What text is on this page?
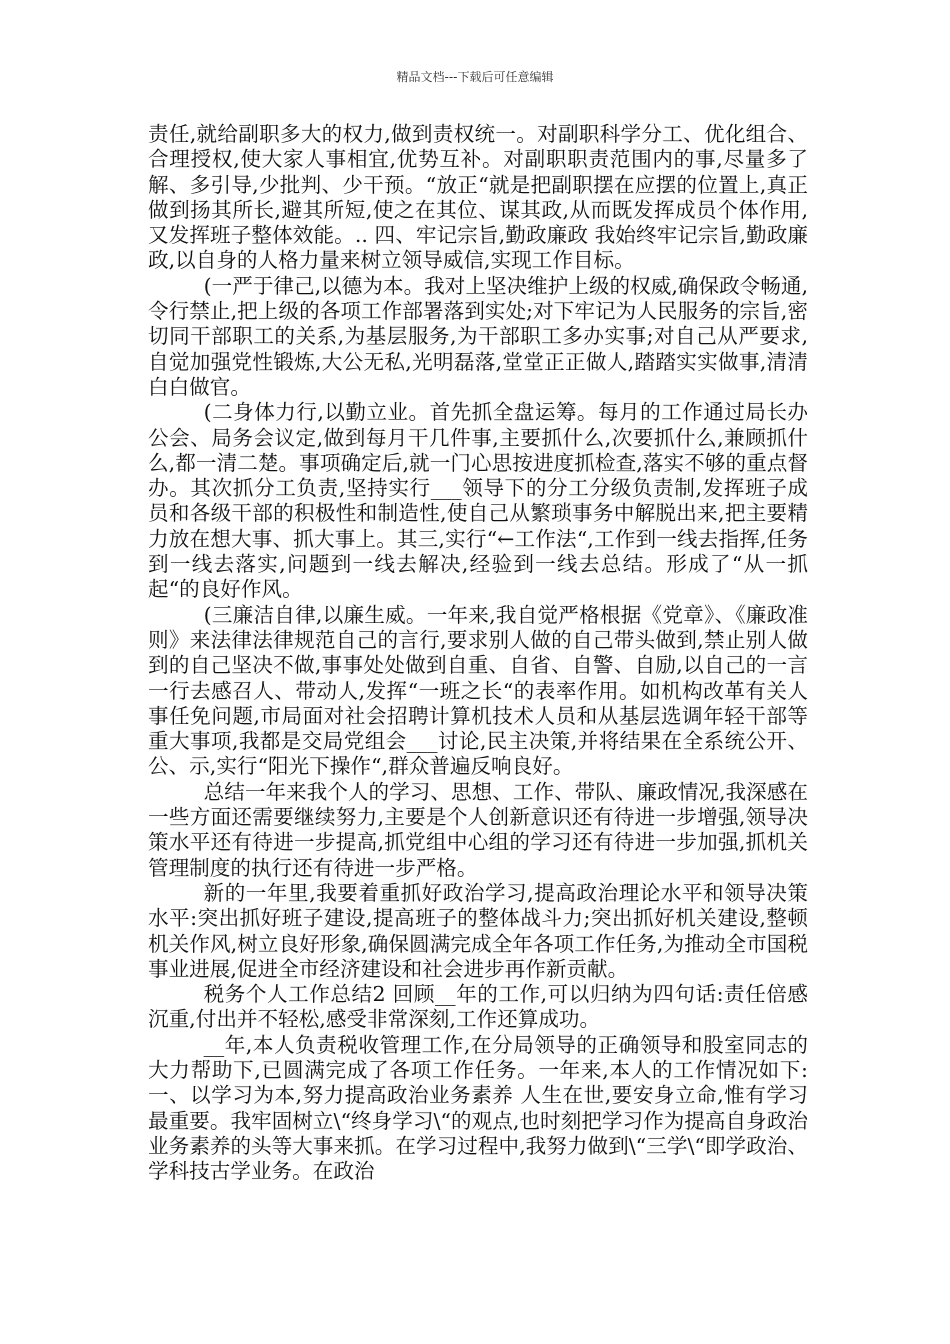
精品文档---下载后可任意编辑

责任,就给副职多大的权力,做到责权统一。对副职科学分工、优化组合、合理授权,使大家人事相宜,优势互补。对副职职责范围内的事,尽量多了解、多引导,少批判、少干预。“放正“就是把副职摆在应摆的位置上,真正做到扬其所长,避其所短,使之在其位、谋其政,从而既发挥成员个体作用,又发挥班子整体效能。.. 四、牢记宗旨,勤政廉政 我始终牢记宗旨,勤政廉政,以自身的人格力量来树立领导威信,实现工作目标。

(一严于律己,以德为本。我对上坚决维护上级的权威,确保政令畅通,令行禁止,把上级的各项工作部署落到实处;对下牢记为人民服务的宗旨,密切同干部职工的关系,为基层服务,为干部职工多办实事;对自己从严要求,自觉加强党性锻炼,大公无私,光明磊落,堂堂正正做人,踏踏实实做事,清清白白做官。

(二身体力行,以勤立业。首先抓全盘运筹。每月的工作通过局长办公会、局务会议定,做到每月干几件事,主要抓什么,次要抓什么,兼顾抓什么,都一清二楚。事项确定后,就一门心思按进度抓检查,落实不够的重点督办。其次抓分工负责,坚持实行___领导下的分工分级负责制,发挥班子成员和各级干部的积极性和制造性,使自己从繁琐事务中解脱出来,把主要精力放在想大事、抓大事上。其三,实行“←工作法“,工作到一线去指挥,任务到一线去落实,问题到一线去解决,经验到一线去总结。形成了“从一抓起“的良好作风。

(三廉洁自律,以廉生威。一年来,我自觉严格根据《党章》、《廉政准则》来法律法律规范自己的言行,要求别人做的自己带头做到,禁止别人做到的自己坚决不做,事事处处做到自重、自省、自警、自励,以自己的一言一行去感召人、带动人,发挥“一班之长“的表率作用。如机构改革有关人事任免问题,市局面对社会招聘计算机技术人员和从基层选调年轻干部等重大事项,我都是交局党组会___讨论,民主决策,并将结果在全系统公开、公、示,实行“阳光下操作“,群众普遍反响良好。

总结一年来我个人的学习、思想、工作、带队、廉政情况,我深感在一些方面还需要继续努力,主要是个人创新意识还有待进一步增强,领导决策水平还有待进一步提高,抓党组中心组的学习还有待进一步加强,抓机关管理制度的执行还有待进一步严格。

新的一年里,我要着重抓好政治学习,提高政治理论水平和领导决策水平:突出抓好班子建设,提高班子的整体战斗力;突出抓好机关建设,整顿机关作风,树立良好形象,确保圆满完成全年各项工作任务,为推动全市国税事业进展,促进全市经济建设和社会进步再作新贡献。

税务个人工作总结2 回顾__年的工作,可以归纳为四句话:责任倍感沉重,付出并不轻松,感受非常深刻,工作还算成功。

__年,本人负责税收管理工作,在分局领导的正确领导和股室同志的大力帮助下,已圆满完成了各项工作任务。一年来,本人的工作情况如下: 一、以学习为本,努力提高政治业务素养 人生在世,要安身立命,惟有学习最重要。我牢固树立\“终身学习\“的观点,也时刻把学习作为提高自身政治业务素养的头等大事来抓。在学习过程中,我努力做到\“三学\“即学政治、学科技古学业务。在政治
